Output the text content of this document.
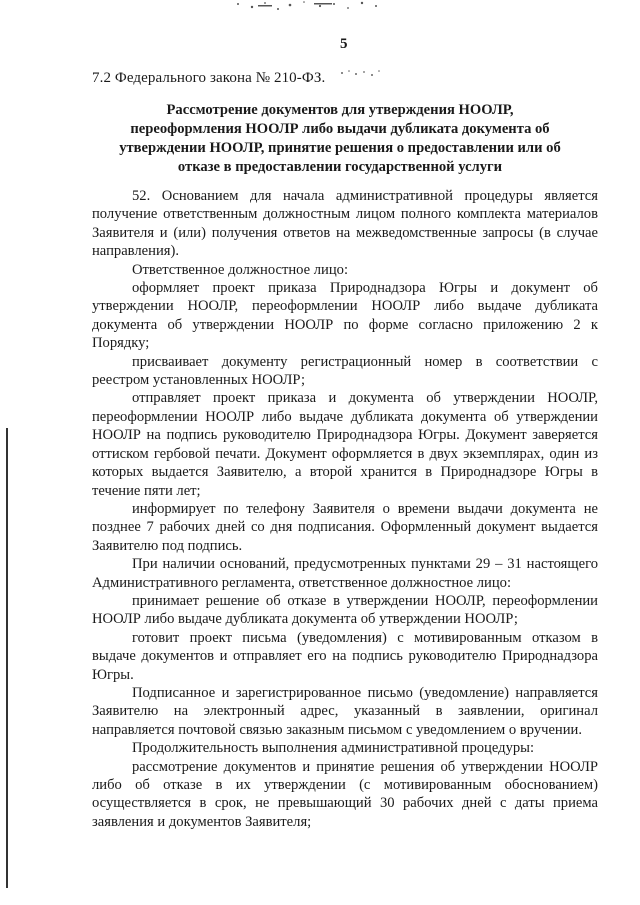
5
7.2 Федерального закона № 210-ФЗ.
Рассмотрение документов для утверждения НООЛР,
переоформления НООЛР либо выдачи дубликата документа об
утверждении НООЛР, принятие решения о предоставлении или об
отказе в предоставлении государственной услуги

52. Основанием для начала административной процедуры является получение ответственным должностным лицом полного комплекта материалов Заявителя и (или) получения ответов на межведомственные запросы (в случае направления).

Ответственное должностное лицо:

оформляет проект приказа Природнадзора Югры и документ об утверждении НООЛР, переоформлении НООЛР либо выдаче дубликата документа об утверждении НООЛР по форме согласно приложению 2 к Порядку;

присваивает документу регистрационный номер в соответствии с реестром установленных НООЛР;

отправляет проект приказа и документа об утверждении НООЛР, переоформлении НООЛР либо выдаче дубликата документа об утверждении НООЛР на подпись руководителю Природнадзора Югры. Документ заверяется оттиском гербовой печати. Документ оформляется в двух экземплярах, один из которых выдается Заявителю, а второй хранится в Природнадзоре Югры в течение пяти лет;

информирует по телефону Заявителя о времени выдачи документа не позднее 7 рабочих дней со дня подписания. Оформленный документ выдается Заявителю под подпись.

При наличии оснований, предусмотренных пунктами 29 – 31 настоящего Административного регламента, ответственное должностное лицо:

принимает решение об отказе в утверждении НООЛР, переоформлении НООЛР либо выдаче дубликата документа об утверждении НООЛР;

готовит проект письма (уведомления) с мотивированным отказом в выдаче документов и отправляет его на подпись руководителю Природнадзора Югры.

Подписанное и зарегистрированное письмо (уведомление) направляется Заявителю на электронный адрес, указанный в заявлении, оригинал направляется почтовой связью заказным письмом с уведомлением о вручении.

Продолжительность выполнения административной процедуры:

рассмотрение документов и принятие решения об утверждении НООЛР либо об отказе в их утверждении (с мотивированным обоснованием) осуществляется в срок, не превышающий 30 рабочих дней с даты приема заявления и документов Заявителя;
